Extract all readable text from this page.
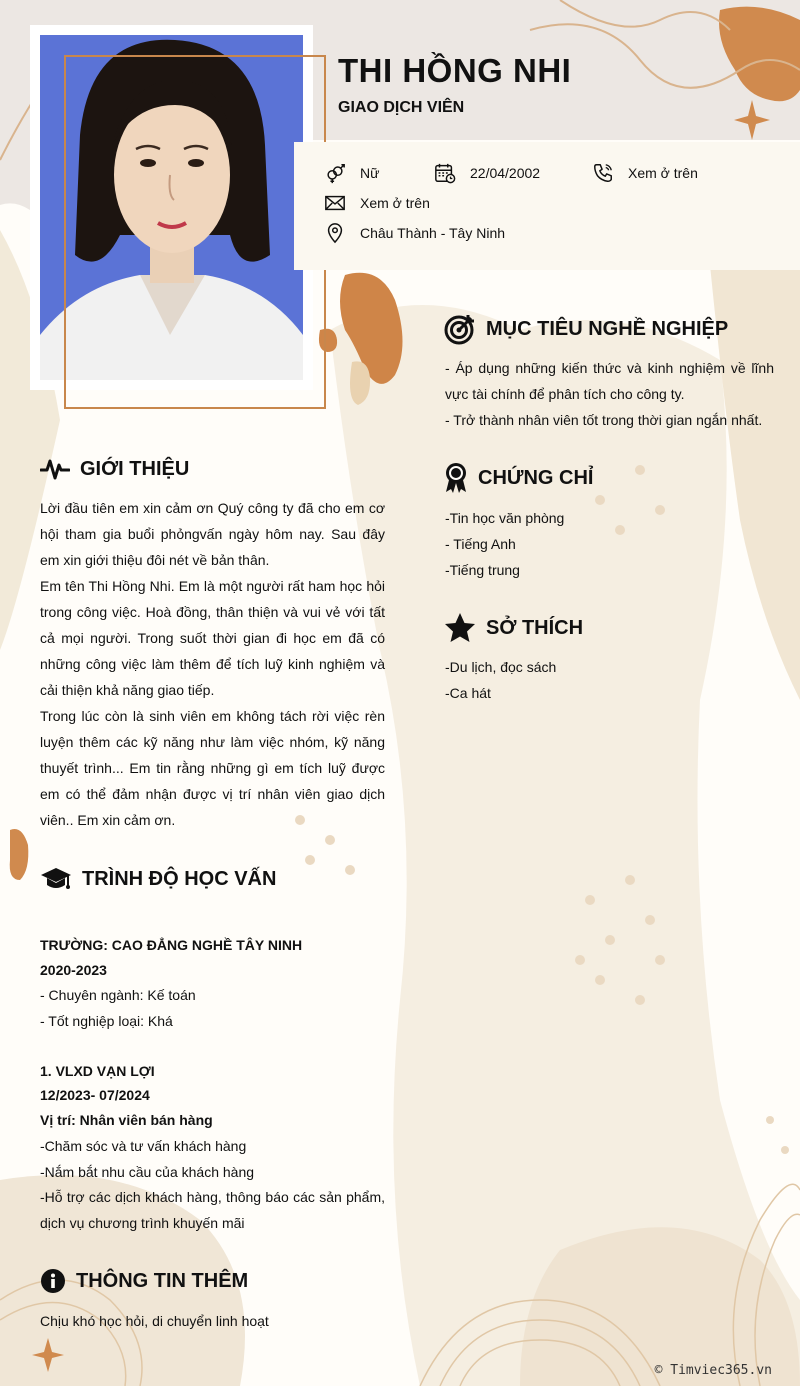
THI HỒNG NHI
GIAO DỊCH VIÊN
Nữ	22/04/2002	Xem ở trên
Xem ở trên
Châu Thành - Tây Ninh
MỤC TIÊU NGHỀ NGHIỆP
- Áp dụng những kiến thức và kinh nghiệm về lĩnh vực tài chính để phân tích cho công ty.
- Trở thành nhân viên tốt trong thời gian ngắn nhất.
CHỨNG CHỈ
-Tin học văn phòng
- Tiếng Anh
-Tiếng trung
SỞ THÍCH
-Du lịch, đọc sách
-Ca hát
GIỚI THIỆU
Lời đầu tiên em xin cảm ơn Quý công ty đã cho em cơ hội tham gia buổi phỏngvấn ngày hôm nay. Sau đây em xin giới thiệu đôi nét về bản thân.
Em tên Thi Hồng Nhi. Em là một người rất ham học hỏi trong công việc. Hoà đồng, thân thiện và vui vẻ với tất cả mọi người. Trong suốt thời gian đi học em đã có những công việc làm thêm để tích luỹ kinh nghiệm và cải thiện khả năng giao tiếp.
Trong lúc còn là sinh viên em không tách rời việc rèn luyện thêm các kỹ năng như làm việc nhóm, kỹ năng thuyết trình... Em tin rằng những gì em tích luỹ được em có thể đảm nhận được vị trí nhân viên giao dịch viên.. Em xin cảm ơn.
TRÌNH ĐỘ HỌC VẤN
TRƯỜNG: CAO ĐẲNG NGHỀ TÂY NINH
2020-2023
- Chuyên ngành: Kế toán
- Tốt nghiệp loại: Khá
1. VLXD VẠN LỢI
12/2023- 07/2024
Vị trí: Nhân viên bán hàng
-Chăm sóc và tư vấn khách hàng
-Nắm bắt nhu cầu của khách hàng
-Hỗ trợ các dịch khách hàng, thông báo các sản phẩm, dịch vụ chương trình khuyến mãi
THÔNG TIN THÊM
Chịu khó học hỏi, di chuyển linh hoạt
© Timviec365.vn
